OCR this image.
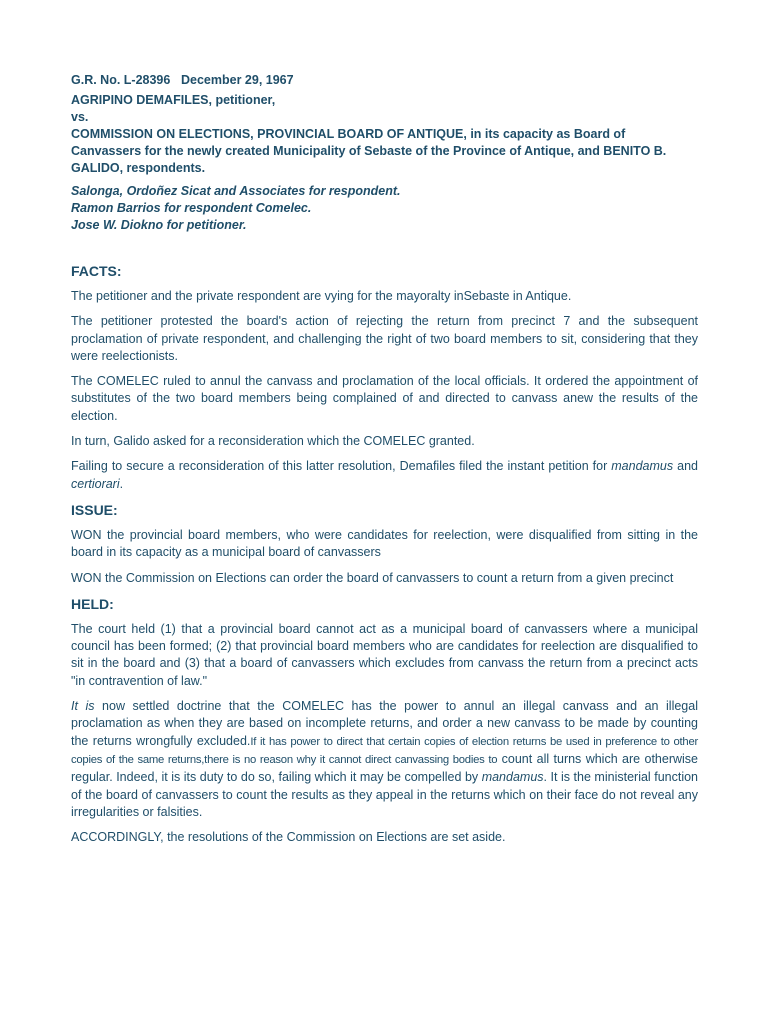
G.R. No. L-28396 December 29, 1967

AGRIPINO DEMAFILES, petitioner,

vs.

COMMISSION ON ELECTIONS, PROVINCIAL BOARD OF ANTIQUE, in its capacity as Board of Canvassers for the newly created Municipality of Sebaste of the Province of Antique, and BENITO B. GALIDO, respondents.

Salonga, Ordoñez Sicat and Associates for respondent.

Ramon Barrios for respondent Comelec.

Jose W. Diokno for petitioner.

FACTS:

The petitioner and the private respondent are vying for the mayoralty inSebaste in Antique.

The petitioner protested the board's action of rejecting the return from precinct 7 and the subsequent proclamation of private respondent, and challenging the right of two board members to sit, considering that they were reelectionists.

The COMELEC ruled to annul the canvass and proclamation of the local officials. It ordered the appointment of substitutes of the two board members being complained of and directed to canvass anew the results of the election.

In turn, Galido asked for a reconsideration which the COMELEC granted.

Failing to secure a reconsideration of this latter resolution, Demafiles filed the instant petition for mandamus and certiorari.

ISSUE:

WON the provincial board members, who were candidates for reelection, were disqualified from sitting in the board in its capacity as a municipal board of canvassers

WON the Commission on Elections can order the board of canvassers to count a return from a given precinct

HELD:

The court held (1) that a provincial board cannot act as a municipal board of canvassers where a municipal council has been formed; (2) that provincial board members who are candidates for reelection are disqualified to sit in the board and (3) that a board of canvassers which excludes from canvass the return from a precinct acts "in contravention of law."

It is now settled doctrine that the COMELEC has the power to annul an illegal canvass and an illegal proclamation as when they are based on incomplete returns, and order a new canvass to be made by counting the returns wrongfully excluded.If it has power to direct that certain copies of election returns be used in preference to other copies of the same returns,there is no reason why it cannot direct canvassing bodies to count all turns which are otherwise regular. Indeed, it is its duty to do so, failing which it may be compelled by mandamus. It is the ministerial function of the board of canvassers to count the results as they appeal in the returns which on their face do not reveal any irregularities or falsities.

ACCORDINGLY, the resolutions of the Commission on Elections are set aside.
